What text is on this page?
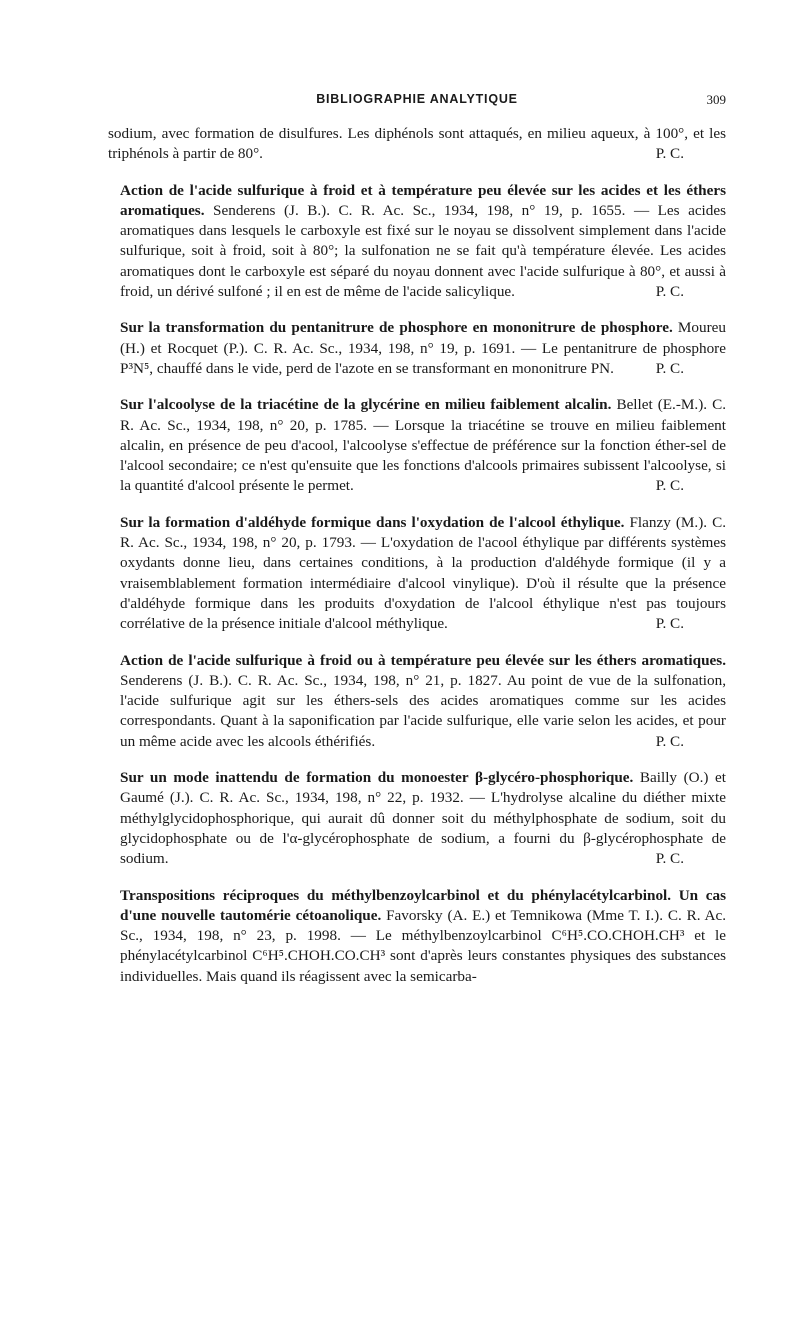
BIBLIOGRAPHIE ANALYTIQUE	309

sodium, avec formation de disulfures. Les diphénols sont attaqués, en milieu aqueux, à 100°, et les triphénols à partir de 80°.	P. C.

Action de l'acide sulfurique à froid et à température peu élevée sur les acides et les éthers aromatiques. Senderens (J. B.). C. R. Ac. Sc., 1934, 198, n° 19, p. 1655. — Les acides aromatiques dans lesquels le carboxyle est fixé sur le noyau se dissolvent simplement dans l'acide sulfurique, soit à froid, soit à 80°; la sulfonation ne se fait qu'à température élevée. Les acides aromatiques dont le carboxyle est séparé du noyau donnent avec l'acide sulfurique à 80°, et aussi à froid, un dérivé sulfoné ; il en est de même de l'acide salicylique.	P. C.

Sur la transformation du pentanitrure de phosphore en mononitrure de phosphore. Moureu (H.) et Rocquet (P.). C. R. Ac. Sc., 1934, 198, n° 19, p. 1691. — Le pentanitrure de phosphore P³N⁵, chauffé dans le vide, perd de l'azote en se transformant en mononitrure PN.	P. C.

Sur l'alcoolyse de la triacétine de la glycérine en milieu faiblement alcalin. Bellet (E.-M.). C. R. Ac. Sc., 1934, 198, n° 20, p. 1785. — Lorsque la triacétine se trouve en milieu faiblement alcalin, en présence de peu d'acool, l'alcoolyse s'effectue de préférence sur la fonction éther-sel de l'alcool secondaire; ce n'est qu'ensuite que les fonctions d'alcools primaires subissent l'alcoolyse, si la quantité d'alcool présente le permet.	P. C.

Sur la formation d'aldéhyde formique dans l'oxydation de l'alcool éthylique. Flanzy (M.). C. R. Ac. Sc., 1934, 198, n° 20, p. 1793. — L'oxydation de l'acool éthylique par différents systèmes oxydants donne lieu, dans certaines conditions, à la production d'aldéhyde formique (il y a vraisemblablement formation intermédiaire d'alcool vinylique). D'où il résulte que la présence d'aldéhyde formique dans les produits d'oxydation de l'alcool éthylique n'est pas toujours corrélative de la présence initiale d'alcool méthylique.	P. C.

Action de l'acide sulfurique à froid ou à température peu élevée sur les éthers aromatiques. Senderens (J. B.). C. R. Ac. Sc., 1934, 198, n° 21, p. 1827. Au point de vue de la sulfonation, l'acide sulfurique agit sur les éthers-sels des acides aromatiques comme sur les acides correspondants. Quant à la saponification par l'acide sulfurique, elle varie selon les acides, et pour un même acide avec les alcools éthérifiés.	P. C.

Sur un mode inattendu de formation du monoester β-glycéro-phosphorique. Bailly (O.) et Gaumé (J.). C. R. Ac. Sc., 1934, 198, n° 22, p. 1932. — L'hydrolyse alcaline du diéther mixte méthylglycidophosphorique, qui aurait dû donner soit du méthylphosphate de sodium, soit du glycidophosphate ou de l'α-glycérophosphate de sodium, a fourni du β-glycérophosphate de sodium.	P. C.

Transpositions réciproques du méthylbenzoylcarbinol et du phénylacétylcarbinol. Un cas d'une nouvelle tautomérie cétoanolique. Favorsky (A. E.) et Temnikowa (Mme T. I.). C. R. Ac. Sc., 1934, 198, n° 23, p. 1998. — Le méthylbenzoylcarbinol C⁶H⁵.CO.CHOH.CH³ et le phénylacétylcarbinol C⁶H⁵.CHOH.CO.CH³ sont d'après leurs constantes physiques des substances individuelles. Mais quand ils réagissent avec la semicarba-
